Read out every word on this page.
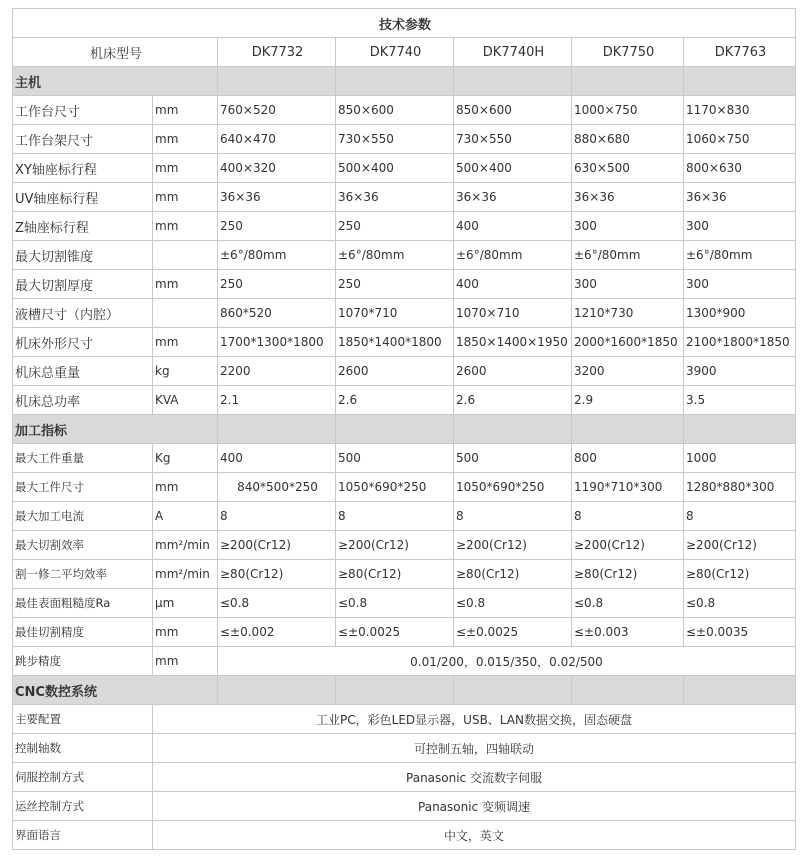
技术参数						
机床型号		DK7732	DK7740	DK7740H	DK7750	DK7763
主机						
工作台尺寸	mm	760×520	850×600	850×600	1000×750	1170×830
工作台架尺寸	mm	640×470	730×550	730×550	880×680	1060×750
XY轴座标行程	mm	400×320	500×400	500×400	630×500	800×630
UV轴座标行程	mm	36×36	36×36	36×36	36×36	36×36
Z轴座标行程	mm	250	250	400	300	300
最大切割锥度		±6°/80mm	±6°/80mm	±6°/80mm	±6°/80mm	±6°/80mm
最大切割厚度	mm	250	250	400	300	300
液槽尺寸（内腔）		860*520	1070*710	1070×710	1210*730	1300*900
机床外形尺寸	mm	1700*1300*1800	1850*1400*1800	1850×1400×1950	2000*1600*1850	2100*1800*1850
机床总重量	kg	2200	2600	2600	3200	3900
机床总功率	KVA	2.1	2.6	2.6	2.9	3.5
加工指标						
最大工件重量	Kg	400	500	500	800	1000
最大工件尺寸	mm	840*500*250	1050*690*250	1050*690*250	1190*710*300	1280*880*300
最大加工电流	A	8	8	8	8	8
最大切割效率	mm²/min	≥200(Cr12)	≥200(Cr12)	≥200(Cr12)	≥200(Cr12)	≥200(Cr12)
割一修二平均效率	mm²/min	≥80(Cr12)	≥80(Cr12)	≥80(Cr12)	≥80(Cr12)	≥80(Cr12)
最佳表面粗糙度Ra	μm	≤0.8	≤0.8	≤0.8	≤0.8	≤0.8
最佳切割精度	mm	≤±0.002	≤±0.0025	≤±0.0025	≤±0.003	≤±0.0035
跳步精度	mm	0.01/200，0.015/350，0.02/500				
CNC数控系统						
主要配置	工业PC，彩色LED显示器，USB、LAN数据交换，固态硬盘					
控制轴数	可控制五轴，四轴联动					
伺服控制方式	Panasonic 交流数字伺服					
运丝控制方式	Panasonic 变频调速					
界面语言	中文，英文					
